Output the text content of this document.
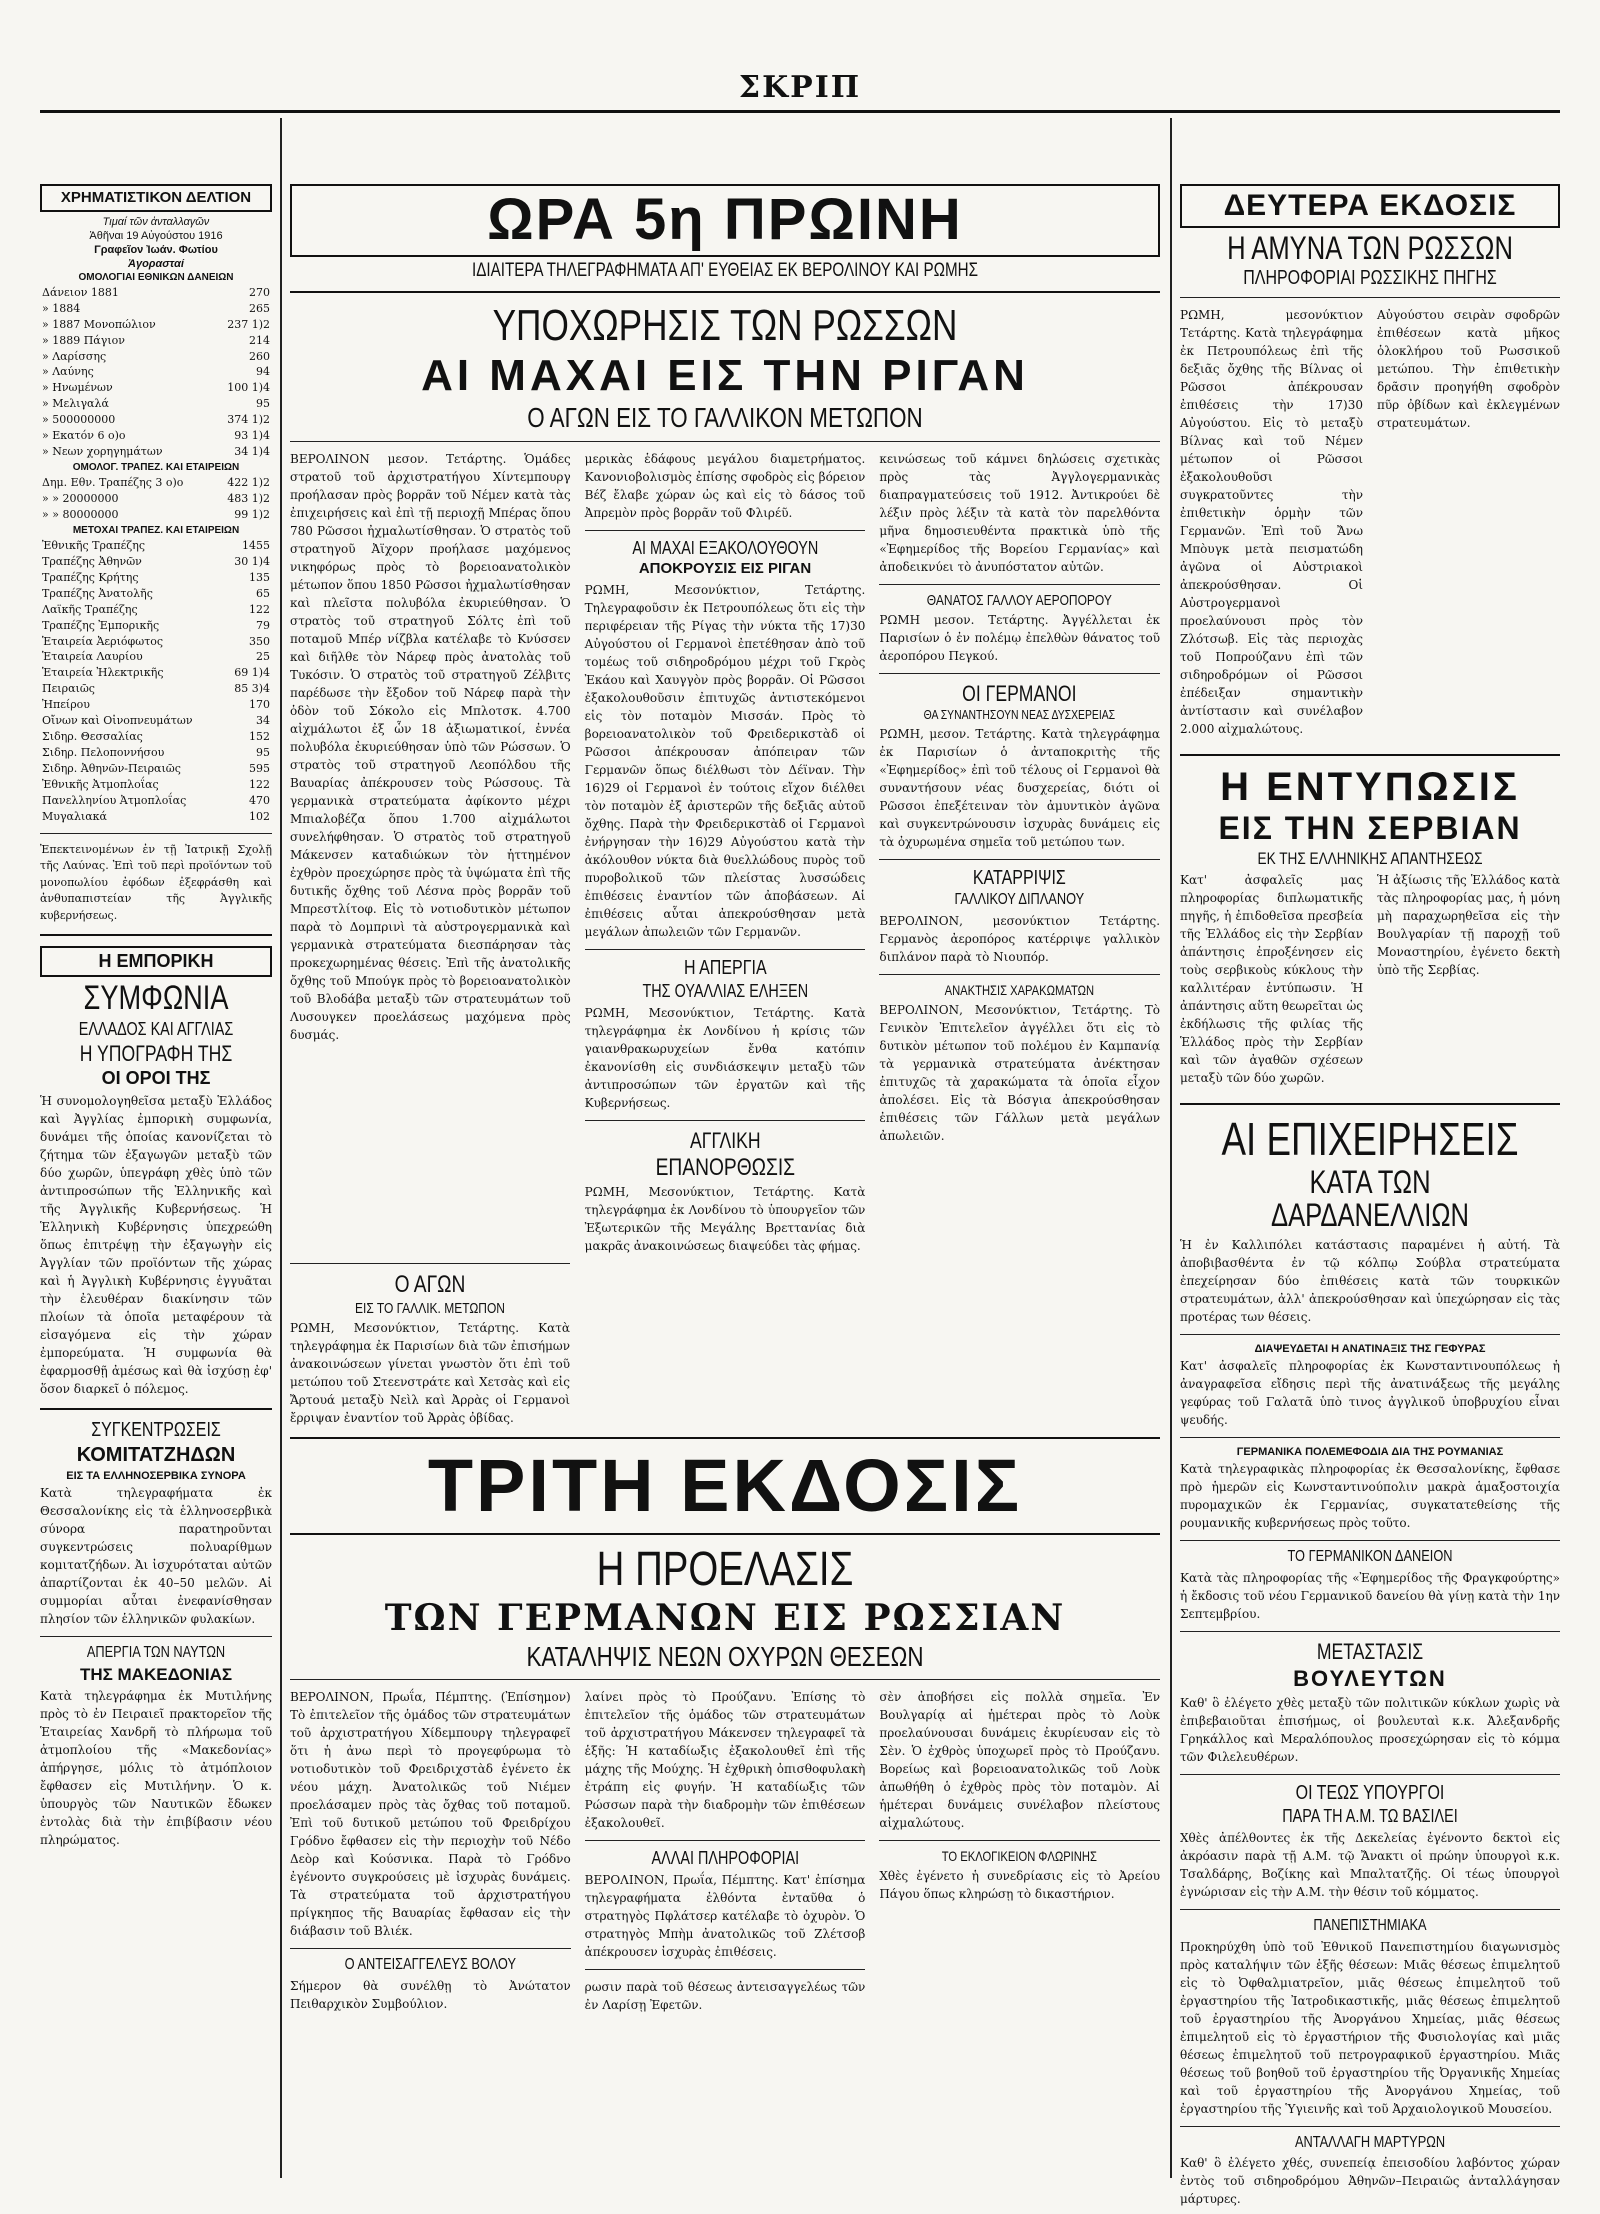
ΣΚΡΙΠ
ΧΡΗΜΑΤΙΣΤΙΚΟΝ ΔΕΛΤΙΟΝ
Τιμαί τῶν ἀνταλλαγῶν
Ἀθῆναι 19 Αὐγούστου 1916
Γραφεῖον Ἰωάν. Φωτίου
Ἀγορασταί
ΟΜΟΛΟΓΙΑΙ ΕΘΝΙΚΩΝ ΔΑΝΕΙΩΝ
Δάνειον 1881	270
» 1884	265
» 1887 Μονοπώλιον	237 1)2
» 1889 Πάγιον	214
» Λαρίσσης	260
» Λαύνης	94
» Ηνωμένων	100 1)4
» Μελιγαλά	95
» 500000000	374 1)2
» Εκατόν 6 ο)ο	93 1)4
» Νεων χορηγημάτων	34 1)4
ΟΜΟΛΟΓ. ΤΡΑΠΕΖ. ΚΑΙ ΕΤΑΙΡΕΙΩΝ
Δημ. Εθν. Τραπέζης 3 ο)ο	422 1)2
» » 20000000	483 1)2
» » 80000000	99 1)2
ΜΕΤΟΧΑΙ ΤΡΑΠΕΖ. ΚΑΙ ΕΤΑΙΡΕΙΩΝ
Ἐθνικῆς Τραπέζης	1455
Τραπέζης Ἀθηνῶν	30 1)4
Τραπέζης Κρήτης	135
Τραπέζης Ἀνατολῆς	65
Λαϊκῆς Τραπέζης	122
Τραπέζης Ἐμπορικῆς	79
Ἑταιρεία Ἀεριόφωτος	350
Ἑταιρεία Λαυρίου	25
Ἑταιρεία Ἠλεκτρικῆς	69 1)4
Πειραιῶς	85 3)4
Ἠπείρου	170
Οἴνων καὶ Οἰνοπνευμάτων	34
Σιδηρ. Θεσσαλίας	152
Σιδηρ. Πελοποννήσου	95
Σιδηρ. Ἀθηνῶν-Πειραιῶς	595
Ἐθνικῆς Ἀτμοπλοΐας	122
Πανελληνίου Ἀτμοπλοΐας	470
Μυγαλιακά	102

Ἐπεκτεινομένων ἐν τῇ Ἰατρικῇ Σχολῇ τῆς Λαύνας. Ἐπὶ τοῦ περὶ προϊόντων τοῦ μονοπωλίου ἐφόδων ἐξεφράσθη καὶ ἀνθυπαπιστείαν τῆς Ἀγγλικῆς κυβερνήσεως.

Η ΕΜΠΟΡΙΚΗ
ΣΥΜΦΩΝΙΑ
ΕΛΛΑΔΟΣ ΚΑΙ ΑΓΓΛΙΑΣ
Η ΥΠΟΓΡΑΦΗ ΤΗΣ
ΟΙ ΟΡΟΙ ΤΗΣ

Ἡ συνομολογηθεῖσα μεταξὺ Ἑλλάδος καὶ Ἀγγλίας ἐμπορικὴ συμφωνία, δυνάμει τῆς ὁποίας κανονίζεται τὸ ζήτημα τῶν ἐξαγωγῶν μεταξὺ τῶν δύο χωρῶν, ὑπεγράφη χθὲς ὑπὸ τῶν ἀντιπροσώπων τῆς Ἑλληνικῆς καὶ τῆς Ἀγγλικῆς Κυβερνήσεως. Ἡ Ἑλληνικὴ Κυβέρνησις ὑπεχρεώθη ὅπως ἐπιτρέψῃ τὴν ἐξαγωγὴν εἰς Ἀγγλίαν τῶν προϊόντων τῆς χώρας καὶ ἡ Ἀγγλικὴ Κυβέρνησις ἐγγυᾶται τὴν ἐλευθέραν διακίνησιν τῶν πλοίων τὰ ὁποῖα μεταφέρουν τὰ εἰσαγόμενα εἰς τὴν χώραν ἐμπορεύματα. Ἡ συμφωνία θὰ ἐφαρμοσθῇ ἀμέσως καὶ θὰ ἰσχύσῃ ἐφ' ὅσον διαρκεῖ ὁ πόλεμος.

ΣΥΓΚΕΝΤΡΩΣΕΙΣ
ΚΟΜΙΤΑΤΖΗΔΩΝ
ΕΙΣ ΤΑ ΕΛΛΗΝΟΣΕΡΒΙΚΑ ΣΥΝΟΡΑ

Κατὰ τηλεγραφήματα ἐκ Θεσσαλονίκης εἰς τὰ ἑλληνοσερβικὰ σύνορα παρατηροῦνται συγκεντρώσεις πολυαρίθμων κομιτατζήδων. Ἀι ἰσχυρόταται αὐτῶν ἀπαρτίζονται ἐκ 40–50 μελῶν. Αἱ συμμορίαι αὗται ἐνεφανίσθησαν πλησίον τῶν ἑλληνικῶν φυλακίων.

ΑΠΕΡΓΙΑ ΤΩΝ ΝΑΥΤΩΝ
ΤΗΣ ΜΑΚΕΔΟΝΙΑΣ

Κατὰ τηλεγράφημα ἐκ Μυτιλήνης πρὸς τὸ ἐν Πειραιεῖ πρακτορεῖον τῆς Ἑταιρείας Χανδρῆ τὸ πλήρωμα τοῦ ἀτμοπλοίου τῆς «Μακεδονίας» ἀπήργησε, μόλις τὸ ἀτμόπλοιον ἔφθασεν εἰς Μυτιλήνην. Ὁ κ. ὑπουργὸς τῶν Ναυτικῶν ἔδωκεν ἐντολὰς διὰ τὴν ἐπιβίβασιν νέου πληρώματος.

ΩΡΑ 5η ΠΡΩΙΝΗ
ΙΔΙΑΙΤΕΡΑ ΤΗΛΕΓΡΑΦΗΜΑΤΑ ΑΠ' ΕΥΘΕΙΑΣ ΕΚ ΒΕΡΟΛΙΝΟΥ ΚΑΙ ΡΩΜΗΣ
ΥΠΟΧΩΡΗΣΙΣ ΤΩΝ ΡΩΣΣΩΝ
ΑΙ ΜΑΧΑΙ ΕΙΣ ΤΗΝ ΡΙΓΑΝ
Ο ΑΓΩΝ ΕΙΣ ΤΟ ΓΑΛΛΙΚΟΝ ΜΕΤΩΠΟΝ

ΒΕΡΟΛΙΝΟΝ μεσον. Τετάρτης. Ὁμάδες στρατοῦ τοῦ ἀρχιστρατήγου Χίντεμπουργ προήλασαν πρὸς βορρᾶν τοῦ Νέμεν κατὰ τὰς ἐπιχειρήσεις καὶ ἐπὶ τῇ περιοχῇ Μπέρας ὅπου 780 Ρῶσσοι ἠχμαλωτίσθησαν. Ὁ στρατὸς τοῦ στρατηγοῦ Ἀϊχορν προήλασε μαχόμενος νικηφόρως πρὸς τὸ βορειοανατολικὸν μέτωπον ὅπου 1850 Ρῶσσοι ἠχμαλωτίσθησαν καὶ πλεῖστα πολυβόλα ἐκυριεύθησαν. Ὁ στρατὸς τοῦ στρατηγοῦ Σόλτς ἐπὶ τοῦ ποταμοῦ Μπέρ νίζβλα κατέλαβε τὸ Κνύσσεν καὶ διῆλθε τὸν Νάρεφ πρὸς ἀνατολὰς τοῦ Τυκόσιν. Ὁ στρατὸς τοῦ στρατηγοῦ Ζέλβιτς παρέδωσε τὴν ἔξοδον τοῦ Νάρεφ παρὰ τὴν ὁδὸν τοῦ Σόκολο εἰς Μπλοτσκ. 4.700 αἰχμάλωτοι ἐξ ὧν 18 ἀξιωματικοί, ἐννέα πολυβόλα ἐκυριεύθησαν ὑπὸ τῶν Ρώσσων. Ὁ στρατὸς τοῦ στρατηγοῦ Λεοπόλδου τῆς Βαυαρίας ἀπέκρουσεν τοὺς Ρώσσους. Τὰ γερμανικὰ στρατεύματα ἀφίκοντο μέχρι Μπιαλοβέζα ὅπου 1.700 αἰχμάλωτοι συνελήφθησαν. Ὁ στρατὸς τοῦ στρατηγοῦ Μάκενσεν καταδιώκων τὸν ἡττημένον ἐχθρὸν προεχώρησε πρὸς τὰ ὑψώματα ἐπὶ τῆς δυτικῆς ὄχθης τοῦ Λέσνα πρὸς βορρᾶν τοῦ Μπρεστλίτοφ. Εἰς τὸ νοτιοδυτικὸν μέτωπον παρὰ τὸ Δομπρινὶ τὰ αὐστρογερμανικὰ καὶ γερμανικὰ στρατεύματα διεσπάρησαν τὰς προκεχωρημένας θέσεις. Ἐπὶ τῆς ἀνατολικῆς ὄχθης τοῦ Μπούγκ πρὸς τὸ βορειοανατολικὸν τοῦ Βλοδάβα μεταξὺ τῶν στρατευμάτων τοῦ Λυσουγκεν προελάσεως μαχόμενα πρὸς δυσμάς.

μερικὰς ἑδάφους μεγάλου διαμετρήματος. Κανονιοβολισμὸς ἐπίσης σφοδρὸς εἰς βόρειον Βέζ ἔλαβε χώραν ὡς καὶ εἰς τὸ δάσος τοῦ Ἀπρεμὸν πρὸς βορρᾶν τοῦ Φλιρέῦ.

ΑΙ ΜΑΧΑΙ ΕΞΑΚΟΛΟΥΘΟΥΝ
ΑΠΟΚΡΟΥΣΙΣ ΕΙΣ ΡΙΓΑΝ

ΡΩΜΗ, Μεσονύκτιον, Τετάρτης. Τηλεγραφοῦσιν ἐκ Πετρουπόλεως ὅτι εἰς τὴν περιφέρειαν τῆς Ρίγας τὴν νύκτα τῆς 17)30 Αὐγούστου οἱ Γερμανοὶ ἐπετέθησαν ἀπὸ τοῦ τομέως τοῦ σιδηροδρόμου μέχρι τοῦ Γκρὸς Ἐκάου καὶ Χαυγγὸν πρὸς βορρᾶν. Οἱ Ρῶσσοι ἐξακολουθοῦσιν ἐπιτυχῶς ἀντιστεκόμενοι εἰς τὸν ποταμὸν Μισσάν. Πρὸς τὸ βορειοανατολικὸν τοῦ Φρειδερικστὰδ οἱ Ρῶσσοι ἀπέκρουσαν ἀπόπειραν τῶν Γερμανῶν ὅπως διέλθωσι τὸν Δέϊναν. Τὴν 16)29 οἱ Γερμανοὶ ἐν τούτοις εἴχον διέλθει τὸν ποταμὸν ἐξ ἀριστερῶν τῆς δεξιᾶς αὐτοῦ ὄχθης. Παρὰ τὴν Φρειδερικστὰδ οἱ Γερμανοὶ ἐνήργησαν τὴν 16)29 Αὐγούστου κατὰ τὴν ἀκόλουθον νύκτα διὰ θυελλώδους πυρὸς τοῦ πυροβολικοῦ τῶν πλείστας λυσσώδεις ἐπιθέσεις ἐναντίον τῶν ἀποβάσεων. Αἱ ἐπιθέσεις αὗται ἀπεκρούσθησαν μετὰ μεγάλων ἀπωλειῶν τῶν Γερμανῶν.

Η ΑΠΕΡΓΙΑ
ΤΗΣ ΟΥΑΛΛΙΑΣ ΕΛΗΞΕΝ

ΡΩΜΗ, Μεσονύκτιον, Τετάρτης. Κατὰ τηλεγράφημα ἐκ Λονδίνου ἡ κρίσις τῶν γαιανθρακωρυχείων ἔνθα κατόπιν ἐκανονίσθη εἰς συνδιάσκεψιν μεταξὺ τῶν ἀντιπροσώπων τῶν ἐργατῶν καὶ τῆς Κυβερνήσεως.

ΑΓΓΛΙΚΗ
ΕΠΑΝΟΡΘΩΣΙΣ

ΡΩΜΗ, Μεσονύκτιον, Τετάρτης. Κατὰ τηλεγράφημα ἐκ Λονδίνου τὸ ὑπουργεῖον τῶν Ἐξωτερικῶν τῆς Μεγάλης Βρεττανίας διὰ μακρᾶς ἀνακοινώσεως διαψεύδει τὰς φήμας.

κεινώσεως τοῦ κάμνει δηλώσεις σχετικὰς πρὸς τὰς Ἀγγλογερμανικὰς διαπραγματεύσεις τοῦ 1912. Ἀντικρούει δὲ λέξιν πρὸς λέξιν τὰ κατὰ τὸν παρελθόντα μῆνα δημοσιευθέντα πρακτικὰ ὑπὸ τῆς «Ἐφημερίδος τῆς Βορείου Γερμανίας» καὶ ἀποδεικνύει τὸ ἀνυπόστατον αὐτῶν.

ΘΑΝΑΤΟΣ ΓΑΛΛΟΥ ΑΕΡΟΠΟΡΟΥ

ΡΩΜΗ μεσον. Τετάρτης. Ἀγγέλλεται ἐκ Παρισίων ὁ ἐν πολέμῳ ἐπελθὼν θάνατος τοῦ ἀεροπόρου Πεγκού.

ΟΙ ΓΕΡΜΑΝΟΙ
ΘΑ ΣΥΝΑΝΤΗΣΟΥΝ ΝΕΑΣ ΔΥΣΧΕΡΕΙΑΣ

ΡΩΜΗ, μεσον. Τετάρτης. Κατὰ τηλεγράφημα ἐκ Παρισίων ὁ ἀνταποκριτὴς τῆς «Ἐφημερίδος» ἐπὶ τοῦ τέλους οἱ Γερμανοὶ θὰ συναντήσουν νέας δυσχερείας, διότι οἱ Ρῶσσοι ἐπεξέτειναν τὸν ἀμυντικὸν ἀγῶνα καὶ συγκεντρώνουσιν ἰσχυρὰς δυνάμεις εἰς τὰ ὀχυρωμένα σημεῖα τοῦ μετώπου των.

ΚΑΤΑΡΡΙΨΙΣ
ΓΑΛΛΙΚΟΥ ΔΙΠΛΑΝΟΥ

ΒΕΡΟΛΙΝΟΝ, μεσονύκτιον Τετάρτης. Γερμανὸς ἀεροπόρος κατέρριψε γαλλικὸν διπλάνον παρὰ τὸ Νιουπόρ.

ΑΝΑΚΤΗΣΙΣ ΧΑΡΑΚΩΜΑΤΩΝ

ΒΕΡΟΛΙΝΟΝ, Μεσονύκτιον, Τετάρτης. Τὸ Γενικὸν Ἐπιτελεῖον ἀγγέλλει ὅτι εἰς τὸ δυτικὸν μέτωπον τοῦ πολέμου ἐν Καμπανίᾳ τὰ γερμανικὰ στρατεύματα ἀνέκτησαν ἐπιτυχῶς τὰ χαρακώματα τὰ ὁποῖα εἶχον ἀπολέσει. Εἰς τὰ Βόσγια ἀπεκρούσθησαν ἐπιθέσεις τῶν Γάλλων μετὰ μεγάλων ἀπωλειῶν.

Ο ΑΓΩΝ
ΕΙΣ ΤΟ ΓΑΛΛΙΚ. ΜΕΤΩΠΟΝ

ΡΩΜΗ, Μεσονύκτιον, Τετάρτης. Κατὰ τηλεγράφημα ἐκ Παρισίων διὰ τῶν ἐπισήμων ἀνακοινώσεων γίνεται γνωστὸν ὅτι ἐπὶ τοῦ μετώπου τοῦ Στεενστράτε καὶ Χετσὰς καὶ εἰς Ἄρτουά μεταξὺ Νεὶλ καὶ Ἀρρὰς οἱ Γερμανοὶ ἔρριψαν ἐναντίον τοῦ Ἀρρὰς ὀβίδας.

ΤΡΙΤΗ ΕΚΔΟΣΙΣ
Η ΠΡΟΕΛΑΣΙΣ
ΤΩΝ ΓΕΡΜΑΝΩΝ ΕΙΣ ΡΩΣΣΙΑΝ
ΚΑΤΑΛΗΨΙΣ ΝΕΩΝ ΟΧΥΡΩΝ ΘΕΣΕΩΝ

ΒΕΡΟΛΙΝΟΝ, Πρωΐα, Πέμπτης. (Ἐπίσημον) Τὸ ἐπιτελεῖον τῆς ὁμάδος τῶν στρατευμάτων τοῦ ἀρχιστρατήγου Χίδεμπουργ τηλεγραφεῖ ὅτι ἡ ἀνω περὶ τὸ προγεφύρωμα τὸ νοτιοδυτικὸν τοῦ Φρειδριχστὰδ ἐγένετο ἐκ νέου μάχη. Ἀνατολικῶς τοῦ Νιέμεν προελάσαμεν πρὸς τὰς ὄχθας τοῦ ποταμοῦ. Ἐπὶ τοῦ δυτικοῦ μετώπου τοῦ Φρειδρίχου Γρόδνο ἔφθασεν εἰς τὴν περιοχὴν τοῦ Νέδο Δεὸρ καὶ Κούσνικα. Παρὰ τὸ Γρόδνο ἐγένοντο συγκρούσεις μὲ ἰσχυρὰς δυνάμεις. Τὰ στρατεύματα τοῦ ἀρχιστρατήγου πρίγκηπος τῆς Βαυαρίας ἔφθασαν εἰς τὴν διάβασιν τοῦ Βλιέκ.

Ο ΑΝΤΕΙΣΑΓΓΕΛΕΥΣ ΒΟΛΟΥ

Σήμερον θὰ συνέλθῃ τὸ Ἀνώτατον Πειθαρχικὸν Συμβούλιον.

λαίνει πρὸς τὸ Προύζανυ. Ἐπίσης τὸ ἐπιτελεῖον τῆς ὁμάδος τῶν στρατευμάτων τοῦ ἀρχιστρατήγου Μάκενσεν τηλεγραφεῖ τὰ ἑξῆς: Ἡ καταδίωξις ἐξακολουθεῖ ἐπὶ τῆς μάχης τῆς Μούχης. Ἡ ἐχθρικὴ ὀπισθοφυλακὴ ἐτράπη εἰς φυγήν. Ἡ καταδίωξις τῶν Ρώσσων παρὰ τὴν διαδρομὴν τῶν ἐπιθέσεων ἐξακολουθεῖ.

ΑΛΛΑΙ ΠΛΗΡΟΦΟΡΙΑΙ

ΒΕΡΟΛΙΝΟΝ, Πρωΐα, Πέμπτης. Κατ' ἐπίσημα τηλεγραφήματα ἐλθόντα ἐνταῦθα ὁ στρατηγὸς Πφλάτσερ κατέλαβε τὸ ὀχυρὸν. Ὁ στρατηγὸς Μπὴμ ἀνατολικῶς τοῦ Ζλέτσοβ ἀπέκρουσεν ἰσχυρὰς ἐπιθέσεις.

ρωσιν παρὰ τοῦ θέσεως ἀντεισαγγελέως τῶν ἐν Λαρίσῃ Ἐφετῶν.

σὲν ἀποβήσει εἰς πολλὰ σημεῖα. Ἐν Βουλγαρίᾳ αἱ ἡμέτεραι πρὸς τὸ Λοὺκ προελαύνουσαι δυνάμεις ἐκυρίευσαν εἰς τὸ Σὲν. Ὁ ἐχθρὸς ὑποχωρεῖ πρὸς τὸ Προύζανυ. Βορείως καὶ βορειοανατολικῶς τοῦ Λοὺκ ἀπωθήθη ὁ ἐχθρὸς πρὸς τὸν ποταμὸν. Αἱ ἡμέτεραι δυνάμεις συνέλαβον πλείστους αἰχμαλώτους.

ΤΟ ΕΚΛΟΓΙΚΕΙΟΝ ΦΛΩΡΙΝΗΣ

Χθὲς ἐγένετο ἡ συνεδρίασις εἰς τὸ Ἀρείου Πάγου ὅπως κληρώσῃ τὸ δικαστήριον.

ΔΕΥΤΕΡΑ ΕΚΔΟΣΙΣ
Η ΑΜΥΝΑ ΤΩΝ ΡΩΣΣΩΝ
ΠΛΗΡΟΦΟΡΙΑΙ ΡΩΣΣΙΚΗΣ ΠΗΓΗΣ

ΡΩΜΗ, μεσονύκτιον Τετάρτης. Κατὰ τηλεγράφημα ἐκ Πετρουπόλεως ἐπὶ τῆς δεξιᾶς ὄχθης τῆς Βίλνας οἱ Ρῶσσοι ἀπέκρουσαν ἐπιθέσεις τὴν 17)30 Αὐγούστου. Εἰς τὸ μεταξὺ Βίλνας καὶ τοῦ Νέμεν μέτωπον οἱ Ρῶσσοι ἐξακολουθοῦσι συγκρατοῦντες τὴν ἐπιθετικὴν ὁρμὴν τῶν Γερμανῶν. Ἐπὶ τοῦ Ἄνω Μπὸυγκ μετὰ πεισματώδη ἀγῶνα οἱ Αὐστριακοὶ ἀπεκρούσθησαν. Οἱ Αὐστρογερμανοὶ προελαύνουσι πρὸς τὸν Ζλότσωβ. Εἰς τὰς περιοχὰς τοῦ Ποπρούζανυ ἐπὶ τῶν σιδηροδρόμων οἱ Ρῶσσοι ἐπέδειξαν σημαντικὴν ἀντίστασιν καὶ συνέλαβον 2.000 αἰχμαλώτους.

Αὐγούστου σειρὰν σφοδρῶν ἐπιθέσεων κατὰ μῆκος ὁλοκλήρου τοῦ Ρωσσικοῦ μετώπου. Τὴν ἐπιθετικὴν δρᾶσιν προηγήθη σφοδρὸν πῦρ ὀβίδων καὶ ἐκλεγμένων στρατευμάτων.

Η ΕΝΤΥΠΩΣΙΣ
ΕΙΣ ΤΗΝ ΣΕΡΒΙΑΝ
ΕΚ ΤΗΣ ΕΛΛΗΝΙΚΗΣ ΑΠΑΝΤΗΣΕΩΣ

Κατ' ἀσφαλεῖς μας πληροφορίας διπλωματικῆς πηγῆς, ἡ ἐπιδοθεῖσα πρεσβεία τῆς Ἑλλάδος εἰς τὴν Σερβίαν ἀπάντησις ἐπροξένησεν εἰς τοὺς σερβικοὺς κύκλους τὴν καλλιτέραν ἐντύπωσιν. Ἡ ἀπάντησις αὕτη θεωρεῖται ὡς ἐκδήλωσις τῆς φιλίας τῆς Ἑλλάδος πρὸς τὴν Σερβίαν καὶ τῶν ἀγαθῶν σχέσεων μεταξὺ τῶν δύο χωρῶν.

Ἡ ἀξίωσις τῆς Ἑλλάδος κατὰ τὰς πληροφορίας μας, ἡ μόνη μὴ παραχωρηθεῖσα εἰς τὴν Βουλγαρίαν τῇ παροχῇ τοῦ Μοναστηρίου, ἐγένετο δεκτὴ ὑπὸ τῆς Σερβίας.

ΑΙ ΕΠΙΧΕΙΡΗΣΕΙΣ
ΚΑΤΑ ΤΩΝ ΔΑΡΔΑΝΕΛΛΙΩΝ

Ἡ ἐν Καλλιπόλει κατάστασις παραμένει ἡ αὐτή. Τὰ ἀποβιβασθέντα ἐν τῷ κόλπῳ Σούβλα στρατεύματα ἐπεχείρησαν δύο ἐπιθέσεις κατὰ τῶν τουρκικῶν στρατευμάτων, ἀλλ' ἀπεκρούσθησαν καὶ ὑπεχώρησαν εἰς τὰς προτέρας των θέσεις.

ΔΙΑΨΕΥΔΕΤΑΙ Η ΑΝΑΤΙΝΑΞΙΣ ΤΗΣ ΓΕΦΥΡΑΣ

Κατ' ἀσφαλεῖς πληροφορίας ἐκ Κωνσταντινουπόλεως ἡ ἀναγραφεῖσα εἴδησις περὶ τῆς ἀνατινάξεως τῆς μεγάλης γεφύρας τοῦ Γαλατᾶ ὑπὸ τινος ἀγγλικοῦ ὑποβρυχίου εἶναι ψευδής.

ΓΕΡΜΑΝΙΚΑ ΠΟΛΕΜΕΦΟΔΙΑ ΔΙΑ ΤΗΣ ΡΟΥΜΑΝΙΑΣ

Κατὰ τηλεγραφικὰς πληροφορίας ἐκ Θεσσαλονίκης, ἔφθασε πρὸ ἡμερῶν εἰς Κωνσταντινούπολιν μακρὰ ἁμαξοστοιχία πυρομαχικῶν ἐκ Γερμανίας, συγκατατεθείσης τῆς ρουμανικῆς κυβερνήσεως πρὸς τοῦτο.

ΤΟ ΓΕΡΜΑΝΙΚΟΝ ΔΑΝΕΙΟΝ

Κατὰ τὰς πληροφορίας τῆς «Ἐφημερίδος τῆς Φραγκφούρτης» ἡ ἔκδοσις τοῦ νέου Γερμανικοῦ δανείου θὰ γίνῃ κατὰ τὴν 1ην Σεπτεμβρίου.

ΜΕΤΑΣΤΑΣΙΣ
ΒΟΥΛΕΥΤΩΝ

Καθ' ὃ ἐλέγετο χθὲς μεταξὺ τῶν πολιτικῶν κύκλων χωρὶς νὰ ἐπιβεβαιοῦται ἐπισήμως, οἱ βουλευταὶ κ.κ. Ἀλεξανδρῆς Γρηκάλλος καὶ Μεραλόπουλος προσεχώρησαν εἰς τὸ κόμμα τῶν Φιλελευθέρων.

ΟΙ ΤΕΩΣ ΥΠΟΥΡΓΟΙ
ΠΑΡΑ ΤΗ Α.Μ. ΤΩ ΒΑΣΙΛΕΙ

Χθὲς ἀπέλθοντες ἐκ τῆς Δεκελείας ἐγένοντο δεκτοὶ εἰς ἀκρόασιν παρὰ τῇ Α.Μ. τῷ Ἄνακτι οἱ πρώην ὑπουργοὶ κ.κ. Τσαλδάρης, Βοζίκης καὶ Μπαλτατζῆς. Οἱ τέως ὑπουργοὶ ἐγνώρισαν εἰς τὴν Α.Μ. τὴν θέσιν τοῦ κόμματος.

ΠΑΝΕΠΙΣΤΗΜΙΑΚΑ

Προκηρύχθη ὑπὸ τοῦ Ἐθνικοῦ Πανεπιστημίου διαγωνισμὸς πρὸς καταλήψιν τῶν ἑξῆς θέσεων: Μιᾶς θέσεως ἐπιμελητοῦ εἰς τὸ Ὀφθαλμιατρεῖον, μιᾶς θέσεως ἐπιμελητοῦ τοῦ ἐργαστηρίου τῆς Ἰατροδικαστικῆς, μιᾶς θέσεως ἐπιμελητοῦ τοῦ ἐργαστηρίου τῆς Ἀνοργάνου Χημείας, μιᾶς θέσεως ἐπιμελητοῦ εἰς τὸ ἐργαστήριον τῆς Φυσιολογίας καὶ μιᾶς θέσεως ἐπιμελητοῦ τοῦ πετρογραφικοῦ ἐργαστηρίου. Μιᾶς θέσεως τοῦ βοηθοῦ τοῦ ἐργαστηρίου τῆς Ὀργανικῆς Χημείας καὶ τοῦ ἐργαστηρίου τῆς Ἀνοργάνου Χημείας, τοῦ ἐργαστηρίου τῆς Ὑγιεινῆς καὶ τοῦ Ἀρχαιολογικοῦ Μουσείου.

ΑΝΤΑΛΛΑΓΗ ΜΑΡΤΥΡΩΝ

Καθ' ὃ ἐλέγετο χθές, συνεπείᾳ ἐπεισοδίου λαβόντος χώραν ἐντὸς τοῦ σιδηροδρόμου Ἀθηνῶν–Πειραιῶς ἀνταλλάγησαν μάρτυρες.
